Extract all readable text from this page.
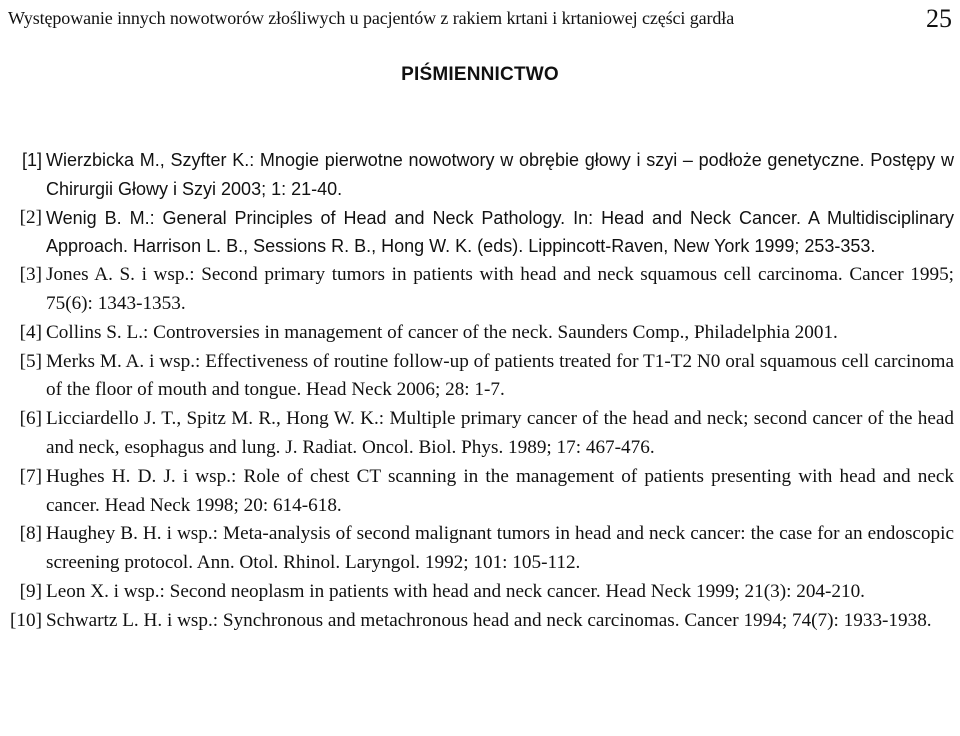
Występowanie innych nowotworów złośliwych u pacjentów z rakiem krtani i krtaniowej części gardła	25
PIŚMIENNICTWO
[1] Wierzbicka M., Szyfter K.: Mnogie pierwotne nowotwory w obrębie głowy i szyi – podłoże genetyczne. Postępy w Chirurgii Głowy i Szyi 2003; 1: 21-40.
[2] Wenig B. M.: General Principles of Head and Neck Pathology. In: Head and Neck Cancer. A Multidisciplinary Approach. Harrison L. B., Sessions R. B., Hong W. K. (eds). Lippincott-Raven, New York 1999; 253-353.
[3] Jones A. S. i wsp.: Second primary tumors in patients with head and neck squamous cell carcinoma. Cancer 1995; 75(6): 1343-1353.
[4] Collins S. L.: Controversies in management of cancer of the neck. Saunders Comp., Philadelphia 2001.
[5] Merks M. A. i wsp.: Effectiveness of routine follow-up of patients treated for T1-T2 N0 oral squamous cell carcinoma of the floor of mouth and tongue. Head Neck 2006; 28: 1-7.
[6] Licciardello J. T., Spitz M. R., Hong W. K.: Multiple primary cancer of the head and neck; second cancer of the head and neck, esophagus and lung. J. Radiat. Oncol. Biol. Phys. 1989; 17: 467-476.
[7] Hughes H. D. J. i wsp.: Role of chest CT scanning in the management of patients presenting with head and neck cancer. Head Neck 1998; 20: 614-618.
[8] Haughey B. H. i wsp.: Meta-analysis of second malignant tumors in head and neck cancer: the case for an endoscopic screening protocol. Ann. Otol. Rhinol. Laryngol. 1992; 101: 105-112.
[9] Leon X. i wsp.: Second neoplasm in patients with head and neck cancer. Head Neck 1999; 21(3): 204-210.
[10] Schwartz L. H. i wsp.: Synchronous and metachronous head and neck carcinomas. Cancer 1994; 74(7): 1933-1938.
